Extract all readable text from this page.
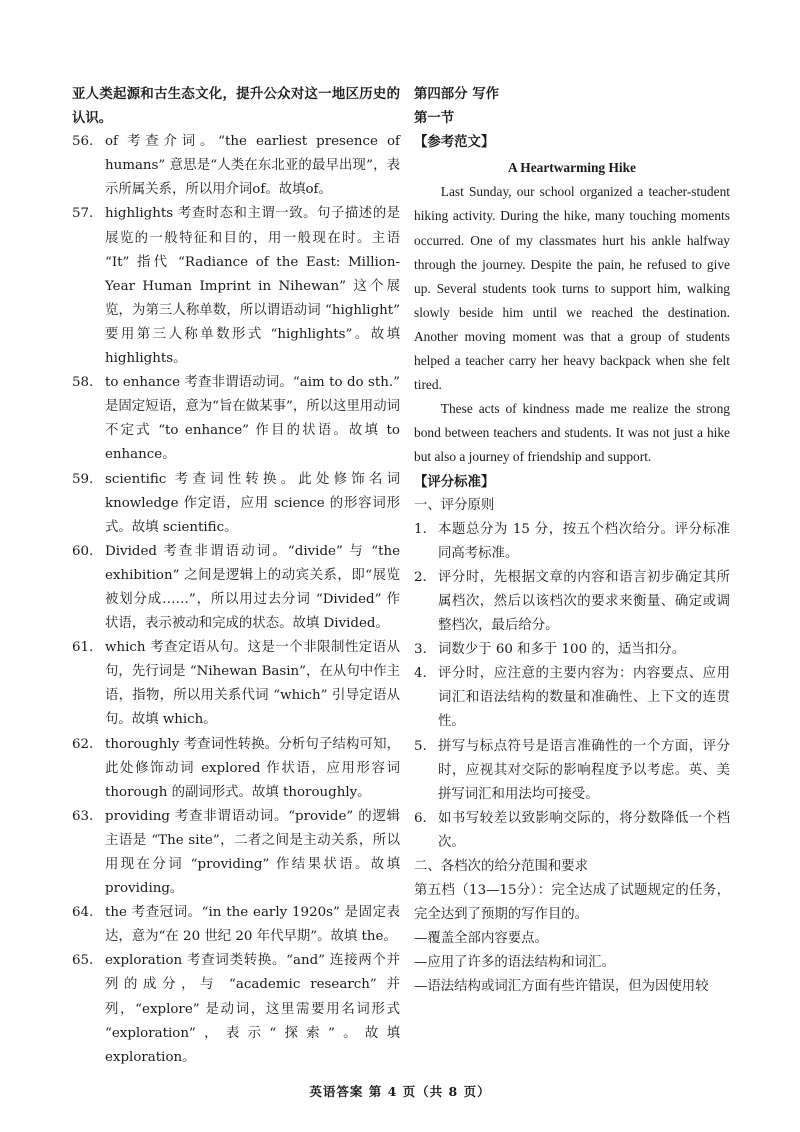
亚人类起源和古生态文化，提升公众对这一地区历史的认识。

56. of 考查介词。“the earliest presence of humans” 意思是“人类在东北亚的最早出现”，表示所属关系，所以用介词of。故填of。
57. highlights 考查时态和主谓一致。句子描述的是展览的一般特征和目的，用一般现在时。主语 “It” 指代 “Radiance of the East: Million-Year Human Imprint in Nihewan” 这个展览，为第三人称单数，所以谓语动词 “highlight” 要用第三人称单数形式 “highlights”。故填 highlights。
58. to enhance 考查非谓语动词。“aim to do sth.” 是固定短语，意为“旨在做某事”，所以这里用动词不定式 “to enhance” 作目的状语。故填 to enhance。
59. scientific 考查词性转换。此处修饰名词 knowledge 作定语，应用 science 的形容词形式。故填 scientific。
60. Divided 考查非谓语动词。“divide” 与 “the exhibition” 之间是逻辑上的动宾关系，即“展览被划分成……”，所以用过去分词 “Divided” 作状语，表示被动和完成的状态。故填 Divided。
61. which 考查定语从句。这是一个非限制性定语从句，先行词是 “Nihewan Basin”，在从句中作主语，指物，所以用关系代词 “which” 引导定语从句。故填 which。
62. thoroughly 考查词性转换。分析句子结构可知，此处修饰动词 explored 作状语，应用形容词 thorough 的副词形式。故填 thoroughly。
63. providing 考查非谓语动词。“provide” 的逻辑主语是 “The site”，二者之间是主动关系，所以用现在分词 “providing” 作结果状语。故填 providing。
64. the 考查冠词。“in the early 1920s” 是固定表达，意为“在 20 世纪 20 年代早期”。故填 the。
65. exploration 考查词类转换。“and” 连接两个并列的成分，与 “academic research” 并列，“explore” 是动词，这里需要用名词形式 “exploration”，表示“探索”。故填 exploration。

第四部分 写作

第一节

【参考范文】

A Heartwarming Hike

Last Sunday, our school organized a teacher-student hiking activity. During the hike, many touching moments occurred. One of my classmates hurt his ankle halfway through the journey. Despite the pain, he refused to give up. Several students took turns to support him, walking slowly beside him until we reached the destination. Another moving moment was that a group of students helped a teacher carry her heavy backpack when she felt tired.

These acts of kindness made me realize the strong bond between teachers and students. It was not just a hike but also a journey of friendship and support.

【评分标准】

一、评分原则

1. 本题总分为 15 分，按五个档次给分。评分标准同高考标准。
2. 评分时，先根据文章的内容和语言初步确定其所属档次，然后以该档次的要求来衡量、确定或调整档次，最后给分。
3. 词数少于 60 和多于 100 的，适当扣分。
4. 评分时，应注意的主要内容为：内容要点、应用词汇和语法结构的数量和准确性、上下文的连贯性。
5. 拼写与标点符号是语言准确性的一个方面，评分时，应视其对交际的影响程度予以考虑。英、美拼写词汇和用法均可接受。
6. 如书写较差以致影响交际的，将分数降低一个档次。

二、各档次的给分范围和要求

第五档（13—15分）：完全达成了试题规定的任务，完全达到了预期的写作目的。

—覆盖全部内容要点。

—应用了许多的语法结构和词汇。

—语法结构或词汇方面有些许错误，但为因使用较

英语答案 第 4 页（共 8 页）
